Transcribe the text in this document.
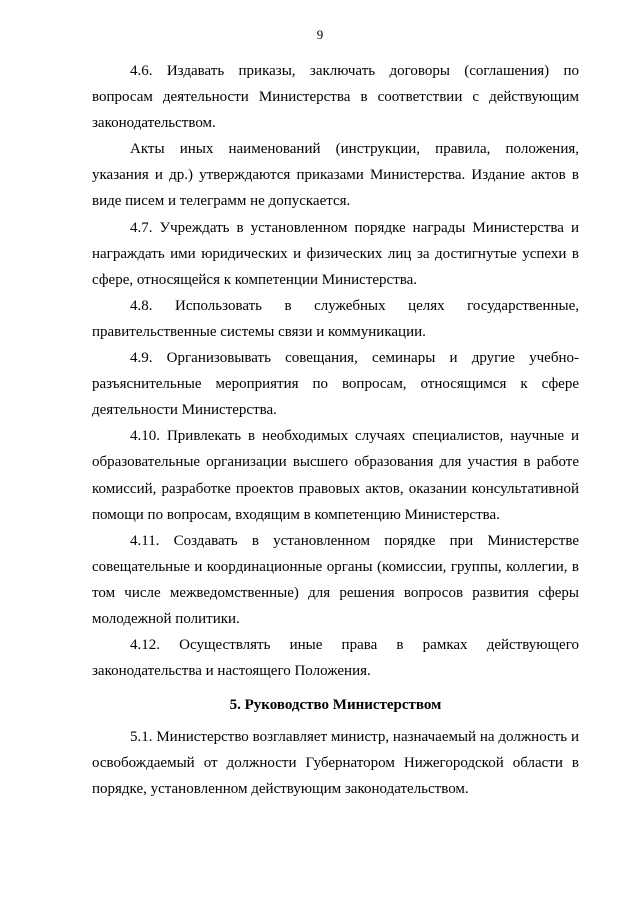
9

4.6. Издавать приказы, заключать договоры (соглашения) по вопросам деятельности Министерства в соответствии с действующим законодательством.

Акты иных наименований (инструкции, правила, положения, указания и др.) утверждаются приказами Министерства. Издание актов в виде писем и телеграмм не допускается.

4.7. Учреждать в установленном порядке награды Министерства и награждать ими юридических и физических лиц за достигнутые успехи в сфере, относящейся к компетенции Министерства.

4.8. Использовать в служебных целях государственные, правительственные системы связи и коммуникации.

4.9. Организовывать совещания, семинары и другие учебно-разъяснительные мероприятия по вопросам, относящимся к сфере деятельности Министерства.

4.10. Привлекать в необходимых случаях специалистов, научные и образовательные организации высшего образования для участия в работе комиссий, разработке проектов правовых актов, оказании консультативной помощи по вопросам, входящим в компетенцию Министерства.

4.11. Создавать в установленном порядке при Министерстве совещательные и координационные органы (комиссии, группы, коллегии, в том числе межведомственные) для решения вопросов развития сферы молодежной политики.

4.12. Осуществлять иные права в рамках действующего законодательства и настоящего Положения.

5. Руководство Министерством

5.1. Министерство возглавляет министр, назначаемый на должность и освобождаемый от должности Губернатором Нижегородской области в порядке, установленном действующим законодательством.
